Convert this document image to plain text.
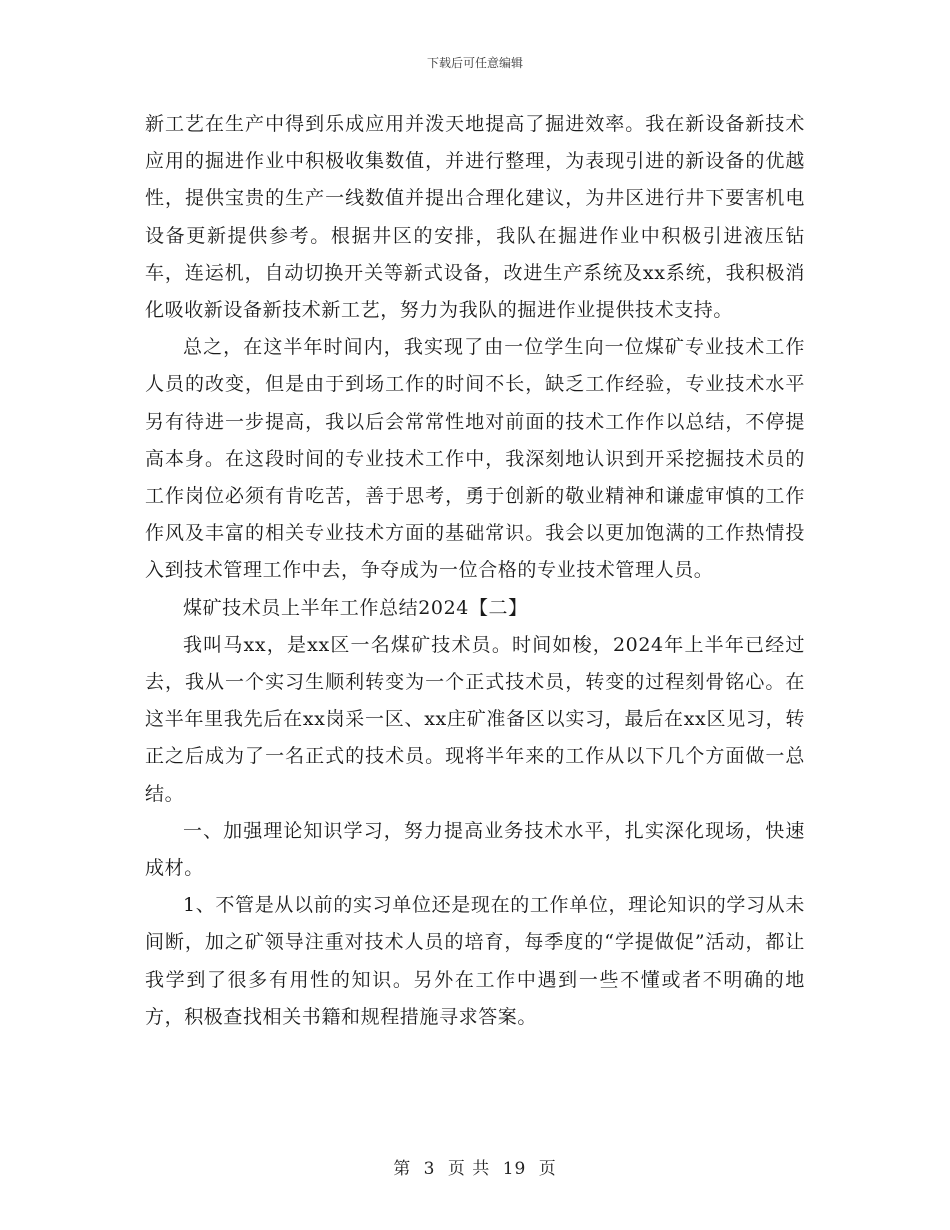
下载后可任意编辑

新工艺在生产中得到乐成应用并泼天地提高了掘进效率。我在新设备新技术应用的掘进作业中积极收集数值，并进行整理，为表现引进的新设备的优越性，提供宝贵的生产一线数值并提出合理化建议，为井区进行井下要害机电设备更新提供参考。根据井区的安排，我队在掘进作业中积极引进液压钻车，连运机，自动切换开关等新式设备，改进生产系统及xx系统，我积极消化吸收新设备新技术新工艺，努力为我队的掘进作业提供技术支持。

总之，在这半年时间内，我实现了由一位学生向一位煤矿专业技术工作人员的改变，但是由于到场工作的时间不长，缺乏工作经验，专业技术水平另有待进一步提高，我以后会常常性地对前面的技术工作作以总结，不停提高本身。在这段时间的专业技术工作中，我深刻地认识到开采挖掘技术员的工作岗位必须有肯吃苦，善于思考，勇于创新的敬业精神和谦虚审慎的工作作风及丰富的相关专业技术方面的基础常识。我会以更加饱满的工作热情投入到技术管理工作中去，争夺成为一位合格的专业技术管理人员。

煤矿技术员上半年工作总结2024【二】

我叫马xx，是xx区一名煤矿技术员。时间如梭，2024年上半年已经过去，我从一个实习生顺利转变为一个正式技术员，转变的过程刻骨铭心。在这半年里我先后在xx岗采一区、xx庄矿准备区以实习，最后在xx区见习，转正之后成为了一名正式的技术员。现将半年来的工作从以下几个方面做一总结。

一、加强理论知识学习，努力提高业务技术水平，扎实深化现场，快速成材。

1、不管是从以前的实习单位还是现在的工作单位，理论知识的学习从未间断，加之矿领导注重对技术人员的培育，每季度的“学提做促”活动，都让我学到了很多有用性的知识。另外在工作中遇到一些不懂或者不明确的地方，积极查找相关书籍和规程措施寻求答案。

第 3 页 共 19 页
